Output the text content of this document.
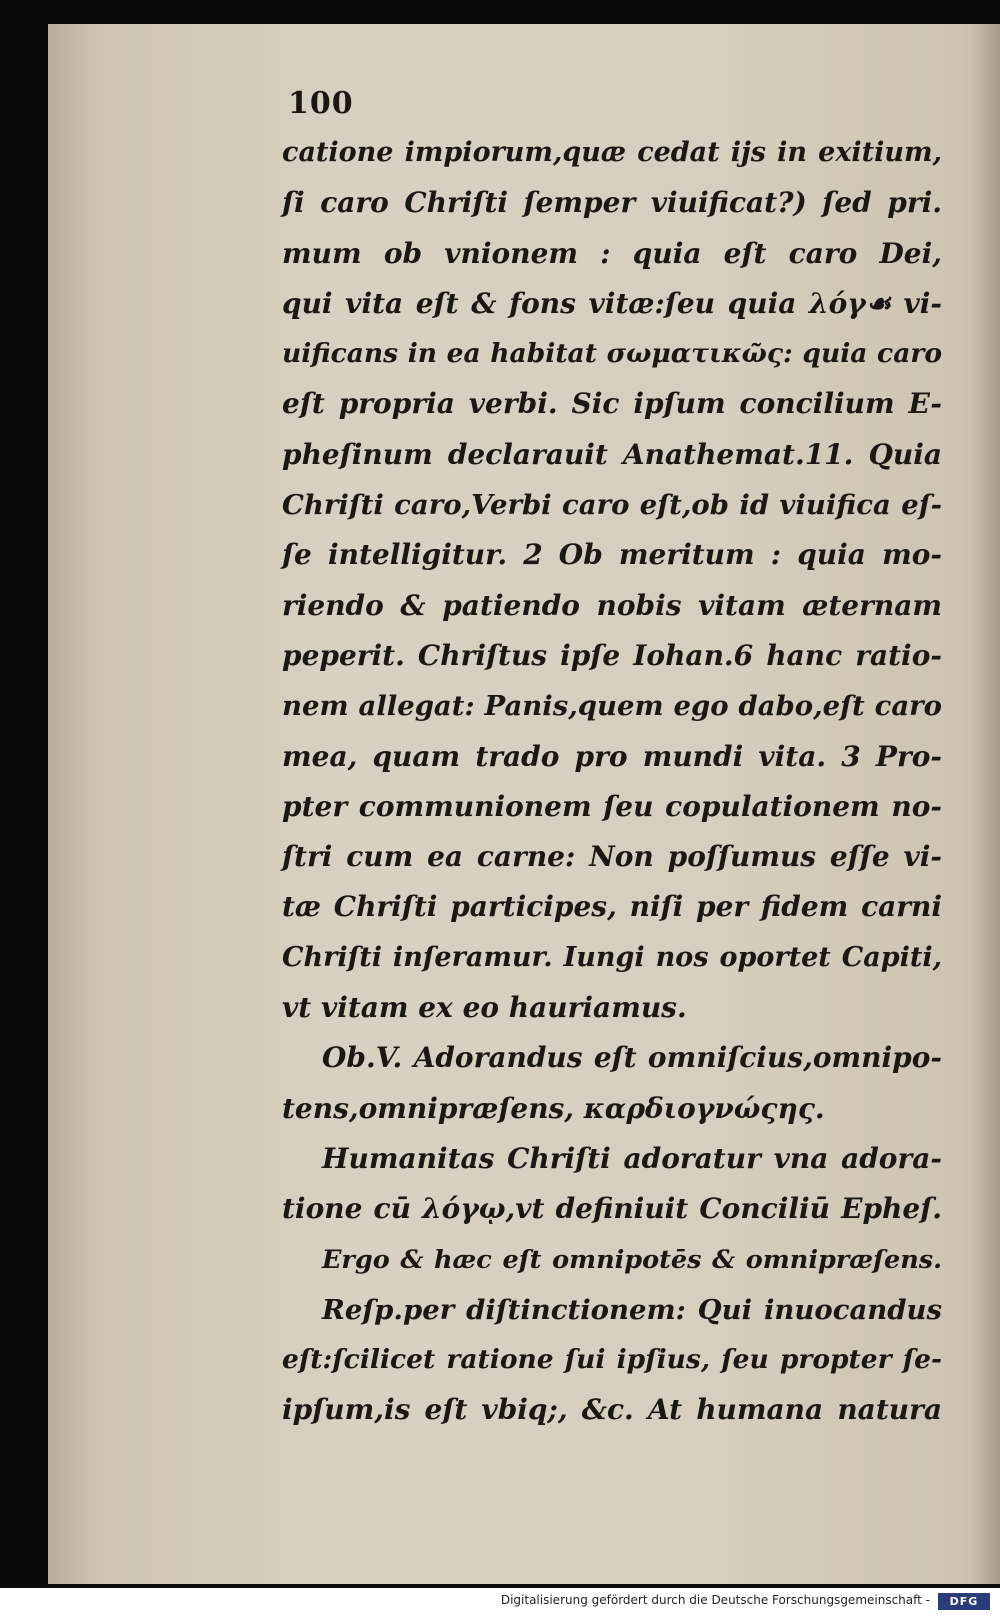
100
catione impiorum,quæ cedat ijs in exitium,
ſi caro Chriſti ſemper viuificat?) ſed pri.
mum ob vnionem : quia eſt caro Dei,
qui vita eſt & fons vitæ:ſeu quia λόγ☙ vi-
uificans in ea habitat σωματικῶς: quia caro
eſt propria verbi. Sic ipſum concilium E-
pheſinum declarauit Anathemat.11. Quia
Chriſti caro,Verbi caro eſt,ob id viuifica eſ-
ſe intelligitur. 2 Ob meritum : quia mo-
riendo & patiendo nobis vitam æternam
peperit. Chriſtus ipſe Iohan.6 hanc ratio-
nem allegat: Panis,quem ego dabo,eſt caro
mea, quam trado pro mundi vita. 3 Pro-
pter communionem ſeu copulationem no-
ſtri cum ea carne: Non poſſumus eſſe vi-
tæ Chriſti participes, niſi per fidem carni
Chriſti inſeramur. Iungi nos oportet Capiti,
vt vitam ex eo hauriamus.
Ob.V. Adorandus eſt omniſcius,omnipo-
tens,omnipræſens, καρδιογνώςης.
Humanitas Chriſti adoratur vna adora-
tione cū λόγῳ,vt definiuit Conciliū Epheſ.
Ergo & hæc eſt omnipotēs & omnipræſens.
Reſp.per diſtinctionem: Qui inuocandus
eſt:ſcilicet ratione ſui ipſius, ſeu propter ſe-
ipſum,is eſt vbiq;, &c. At humana natura
Digitalisierung gefördert durch die Deutsche Forschungsgemeinschaft -	DFG
